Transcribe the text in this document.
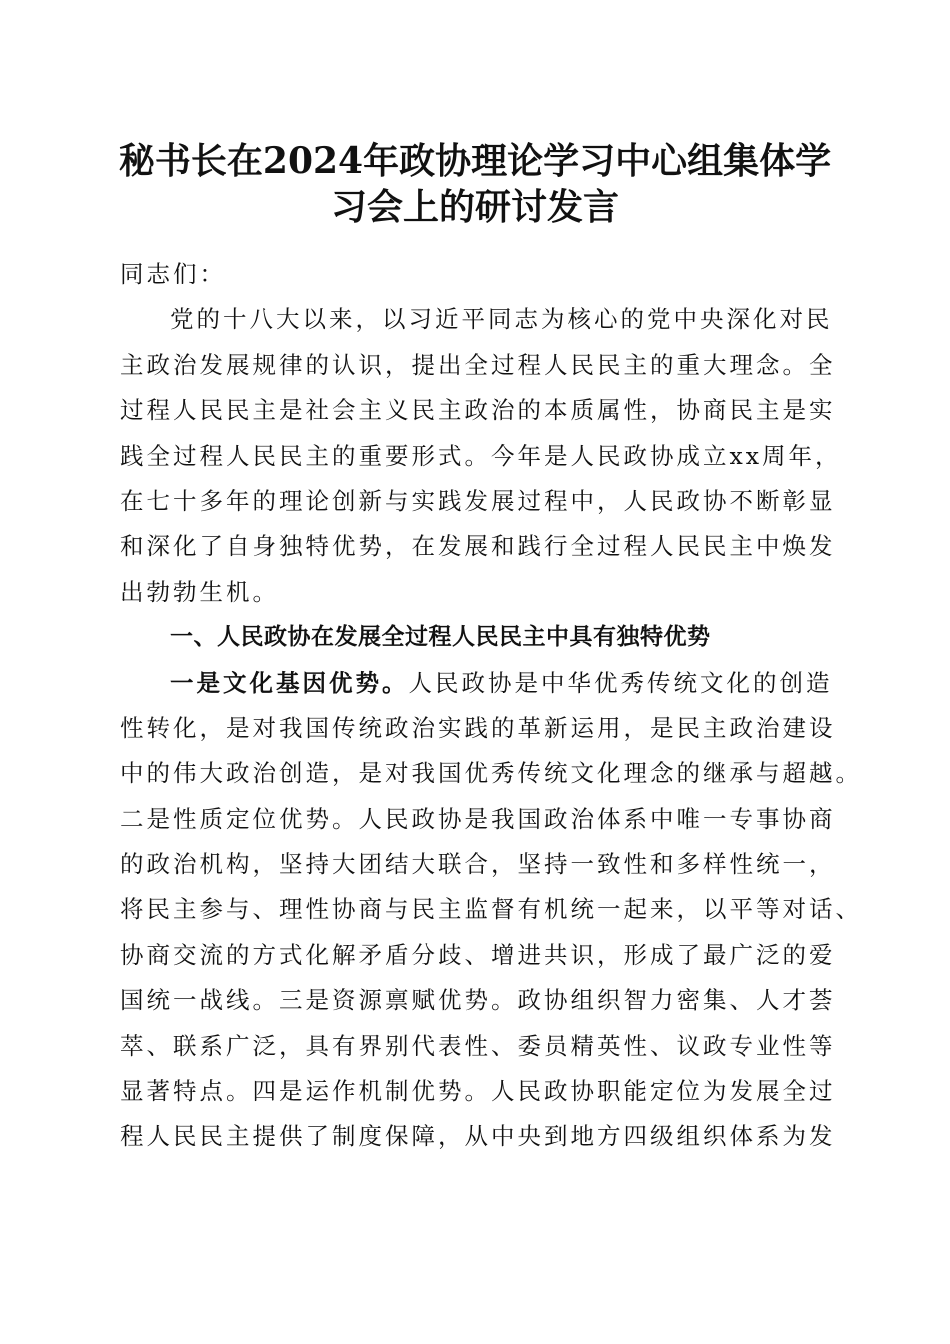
秘书长在2024年政协理论学习中心组集体学
习会上的研讨发言
同志们：
党的十八大以来，以习近平同志为核心的党中央深化对民
主政治发展规律的认识，提出全过程人民民主的重大理念。全
过程人民民主是社会主义民主政治的本质属性，协商民主是实
践全过程人民民主的重要形式。今年是人民政协成立xx周年，
在七十多年的理论创新与实践发展过程中，人民政协不断彰显
和深化了自身独特优势，在发展和践行全过程人民民主中焕发
出勃勃生机。
一、人民政协在发展全过程人民民主中具有独特优势
一是文化基因优势。人民政协是中华优秀传统文化的创造
性转化，是对我国传统政治实践的革新运用，是民主政治建设
中的伟大政治创造，是对我国优秀传统文化理念的继承与超越。
二是性质定位优势。人民政协是我国政治体系中唯一专事协商
的政治机构，坚持大团结大联合，坚持一致性和多样性统一，
将民主参与、理性协商与民主监督有机统一起来，以平等对话、
协商交流的方式化解矛盾分歧、增进共识，形成了最广泛的爱
国统一战线。三是资源禀赋优势。政协组织智力密集、人才荟
萃、联系广泛，具有界别代表性、委员精英性、议政专业性等
显著特点。四是运作机制优势。人民政协职能定位为发展全过
程人民民主提供了制度保障，从中央到地方四级组织体系为发
